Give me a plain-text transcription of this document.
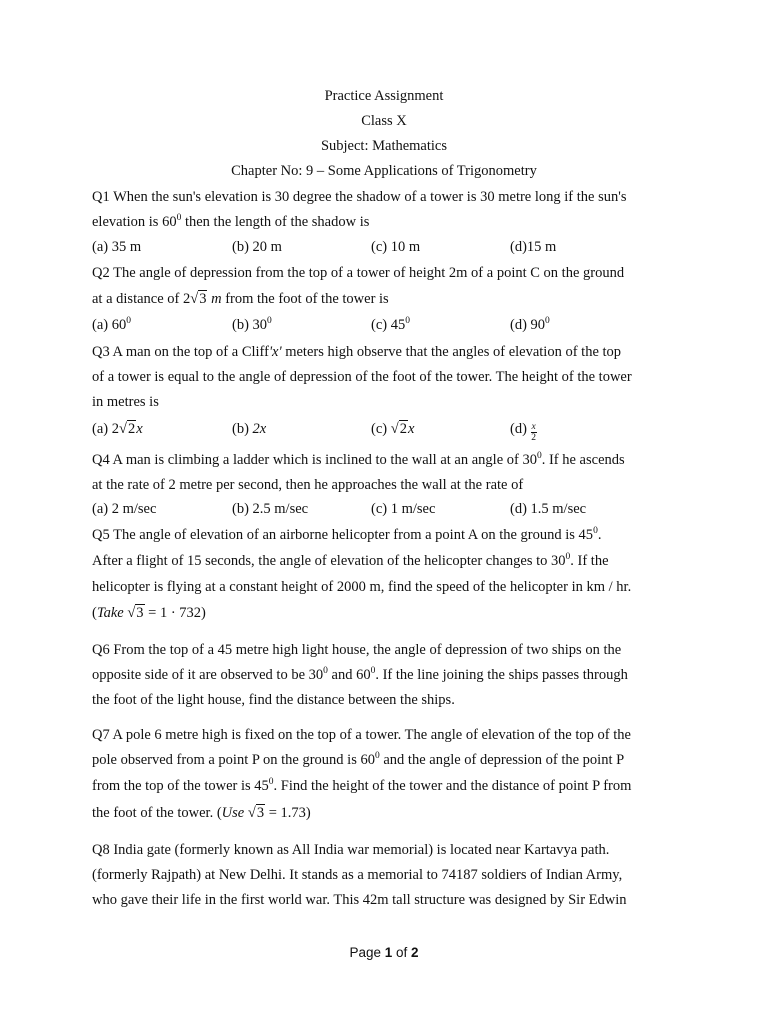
Practice Assignment
Class X
Subject: Mathematics
Chapter No: 9 – Some Applications of Trigonometry
Q1 When the sun's elevation is 30 degree the shadow of a tower is 30 metre long if the sun's
elevation is $60^0$ then the length of the shadow is
(a) 35 m	(b) 20 m	(c) 10 m	(d)15 m
Q2 The angle of depression from the top of a tower of height 2m of a point C on the ground
at a distance of 2√3 m from the foot of the tower is
(a) $60^0$	(b) $30^0$	(c) $45^0$	(d) $90^0$
Q3 A man on the top of a Cliff'x' meters high observe that the angles of elevation of the top
of a tower is equal to the angle of depression of the foot of the tower. The height of the tower
in metres is
(a) 2√2x	(b) 2x	(c) √2x	$(d) \frac{x}{2}$
Q4 A man is climbing a ladder which is inclined to the wall at an angle of $30^0$. If he ascends
at the rate of 2 metre per second, then he approaches the wall at the rate of
(a) 2 m/sec	(b) 2.5 m/sec	(c) 1 m/sec	(d) 1.5 m/sec
Q5 The angle of elevation of an airborne helicopter from a point A on the ground is $45^0$.
After a flight of 15 seconds, the angle of elevation of the helicopter changes to $30^0$. If the
helicopter is flying at a constant height of 2000 m, find the speed of the helicopter in km / hr.
(Take √3 = 1 · 732)
Q6 From the top of a 45 metre high light house, the angle of depression of two ships on the
opposite side of it are observed to be $30^0$ and $60^0$. If the line joining the ships passes through
the foot of the light house, find the distance between the ships.
Q7 A pole 6 metre high is fixed on the top of a tower. The angle of elevation of the top of the
pole observed from a point P on the ground is $60^0$ and the angle of depression of the point P
from the top of the tower is $45^0$. Find the height of the tower and the distance of point P from
the foot of the tower. (Use √3 = 1.73)
Q8 India gate (formerly known as All India war memorial) is located near Kartavya path.
(formerly Rajpath) at New Delhi. It stands as a memorial to 74187 soldiers of Indian Army,
who gave their life in the first world war. This 42m tall structure was designed by Sir Edwin
Page 1 of 2
